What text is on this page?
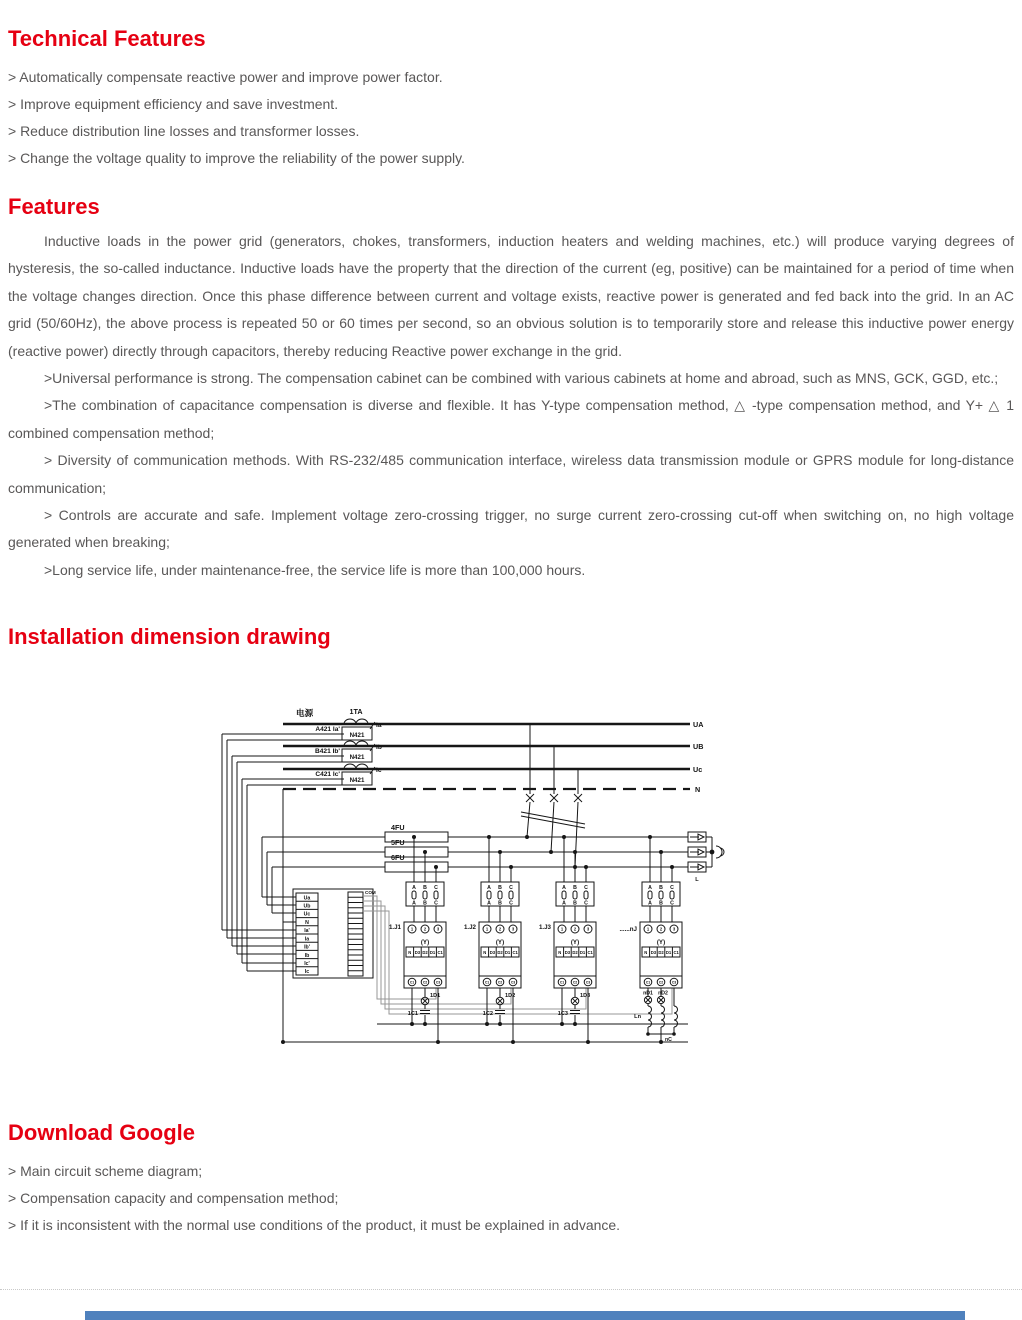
Technical Features
> Automatically compensate reactive power and improve power factor.
> Improve equipment efficiency and save investment.
> Reduce distribution line losses and transformer losses.
> Change the voltage quality to improve the reliability of the power supply.
Features

Inductive loads in the power grid (generators, chokes, transformers, induction heaters and welding machines, etc.) will produce varying degrees of hysteresis, the so-called inductance. Inductive loads have the property that the direction of the current (eg, positive) can be maintained for a period of time when the voltage changes direction. Once this phase difference between current and voltage exists, reactive power is generated and fed back into the grid. In an AC grid (50/60Hz), the above process is repeated 50 or 60 times per second, so an obvious solution is to temporarily store and release this inductive power energy (reactive power) directly through capacitors, thereby reducing Reactive power exchange in the grid.

>Universal performance is strong. The compensation cabinet can be combined with various cabinets at home and abroad, such as MNS, GCK, GGD, etc.;

>The combination of capacitance compensation is diverse and flexible. It has Y-type compensation method, △ -type compensation method, and Y+ △ 1 combined compensation method;

> Diversity of communication methods. With RS-232/485 communication interface, wireless data transmission module or GPRS module for long-distance communication;

> Controls are accurate and safe. Implement voltage zero-crossing trigger, no surge current zero-crossing cut-off when switching on, no high voltage generated when breaking;

>Long service life, under maintenance-free, the service life is more than 100,000 hours.

Installation dimension drawing
UA
UB
Uc
N
电源	1TA
N421
A421 Ia'
Ia
N421
B421 Ib'
Ib
N421
C421 Ic'
Ic
4FU
5FU
6FU
L
Ua
Ub
Uc
N
Ia'
Ia
Ib'
Ib
Ic'
Ic
COM
A B C
A B C
1.J1 1	2	3
(Y)
N D3 D2 D1 C1
C1	C2	C3
1D1
1C1
A B C
A B C
1.J2 1	2	3
(Y)
N D3 D2 D1 C1
C1	C2	C3
1D2
1C2
A B C
A B C
1.J3 1	2	3
(Y)
N D3 D2 D1 C1
C1	C2	C3
1D3
1C3
A B C
A B C
......nJ 1	2	3
(Y)
N D3 D2 D1 C1
C1	C2	C3
nD1 nD2
Ln
nC
Download Google
> Main circuit scheme diagram;
> Compensation capacity and compensation method;
> If it is inconsistent with the normal use conditions of the product, it must be explained in advance.
